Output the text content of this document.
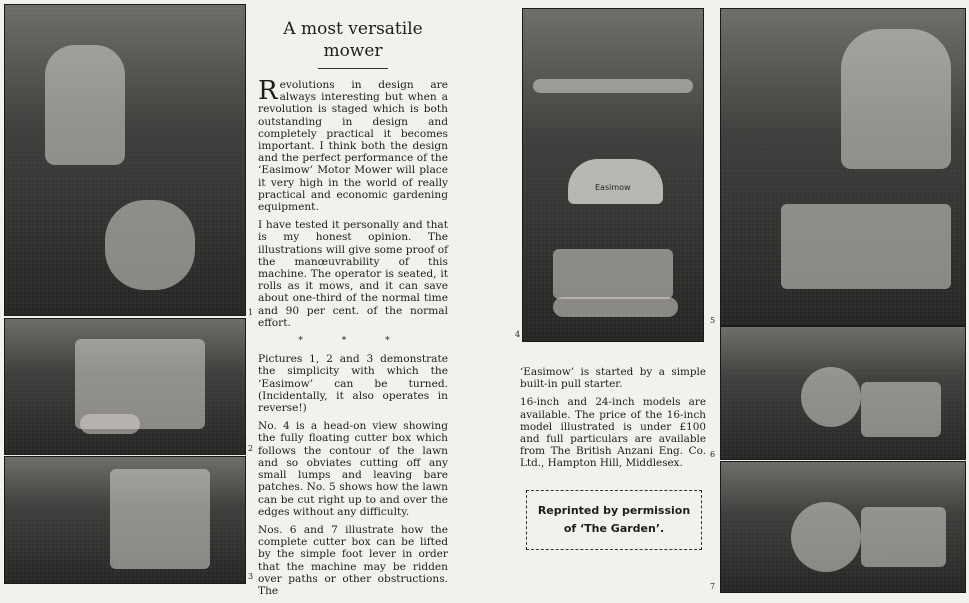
1
2
3
A most versatile
mower

Revolutions in design are always interesting but when a revolution is staged which is both outstanding in design and completely practical it becomes important. I think both the design and the perfect performance of the ‘Easimow’ Motor Mower will place it very high in the world of really practical and economic gardening equipment.

I have tested it personally and that is my honest opinion. The illustrations will give some proof of the manœuvrability of this machine. The operator is seated, it rolls as it mows, and it can save about one-third of the normal time and 90 per cent. of the normal effort.

* * *

Pictures 1, 2 and 3 demonstrate the simplicity with which the ‘Easimow’ can be turned. (Incidentally, it also operates in reverse!)

No. 4 is a head-on view showing the fully floating cutter box which follows the contour of the lawn and so obviates cutting off any small lumps and leaving bare patches. No. 5 shows how the lawn can be cut right up to and over the edges without any difficulty.

Nos. 6 and 7 illustrate how the complete cutter box can be lifted by the simple foot lever in order that the machine may be ridden over paths or other obstructions. The

Easimow
4

‘Easimow’ is started by a simple built-in pull starter.

16-inch and 24-inch models are available. The price of the 16-inch model illustrated is under £100 and full particulars are available from The British Anzani Eng. Co. Ltd., Hampton Hill, Middlesex.

Reprinted by permission
of ‘The Garden’.
5
6
7
